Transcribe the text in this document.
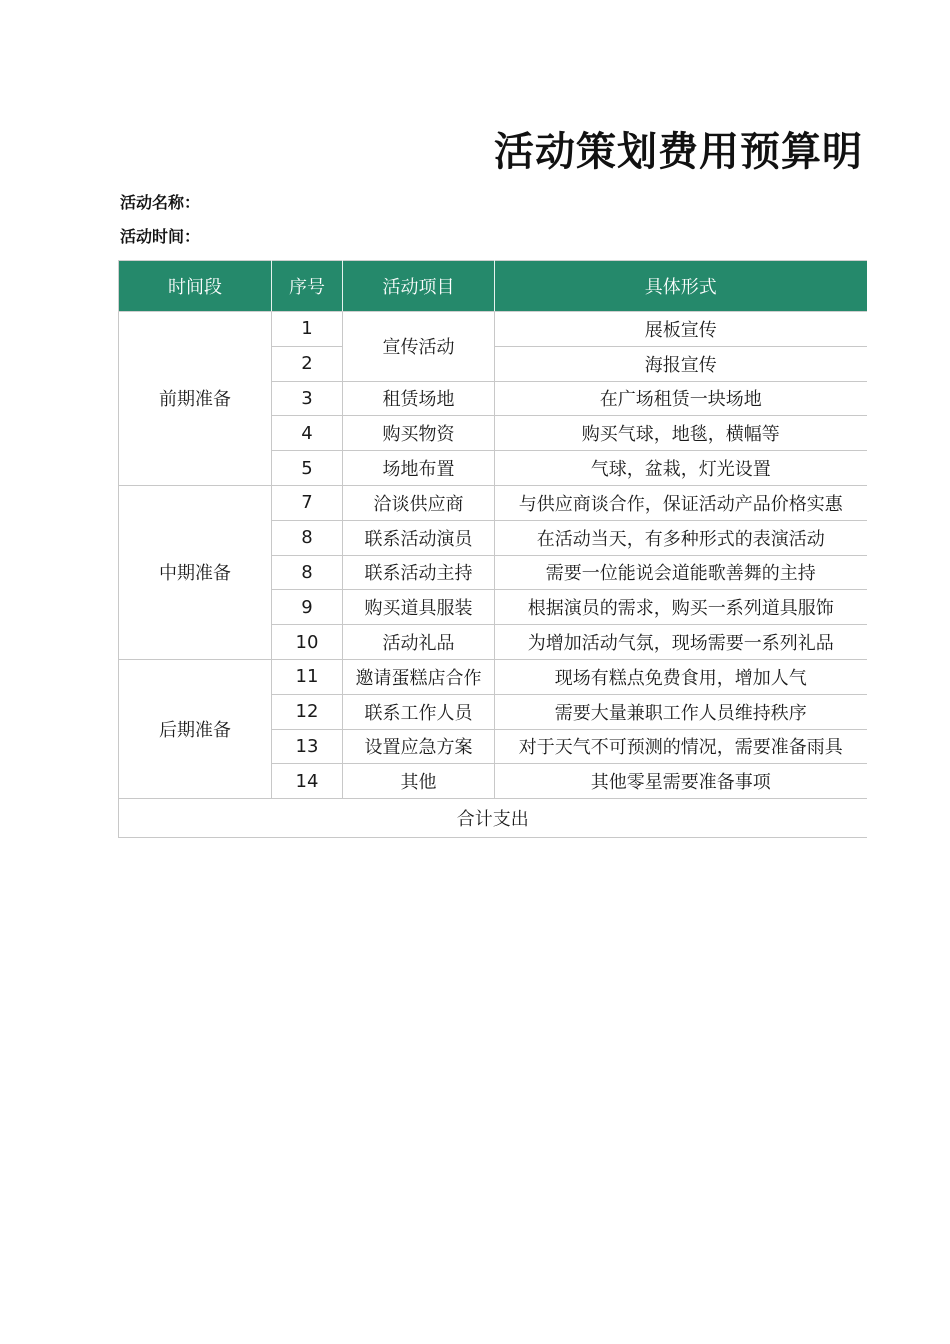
活动策划费用预算明
活动名称：
活动时间：
时间段	序号	活动项目	具体形式
前期准备	1	宣传活动	展板宣传
	2		海报宣传
	3	租赁场地	在广场租赁一块场地
	4	购买物资	购买气球，地毯，横幅等
	5	场地布置	气球，盆栽，灯光设置
中期准备	7	洽谈供应商	与供应商谈合作，保证活动产品价格实惠
	8	联系活动演员	在活动当天，有多种形式的表演活动
	8	联系活动主持	需要一位能说会道能歌善舞的主持
	9	购买道具服装	根据演员的需求，购买一系列道具服饰
	10	活动礼品	为增加活动气氛，现场需要一系列礼品
后期准备	11	邀请蛋糕店合作	现场有糕点免费食用，增加人气
	12	联系工作人员	需要大量兼职工作人员维持秩序
	13	设置应急方案	对于天气不可预测的情况，需要准备雨具
	14	其他	其他零星需要准备事项
合计支出			
